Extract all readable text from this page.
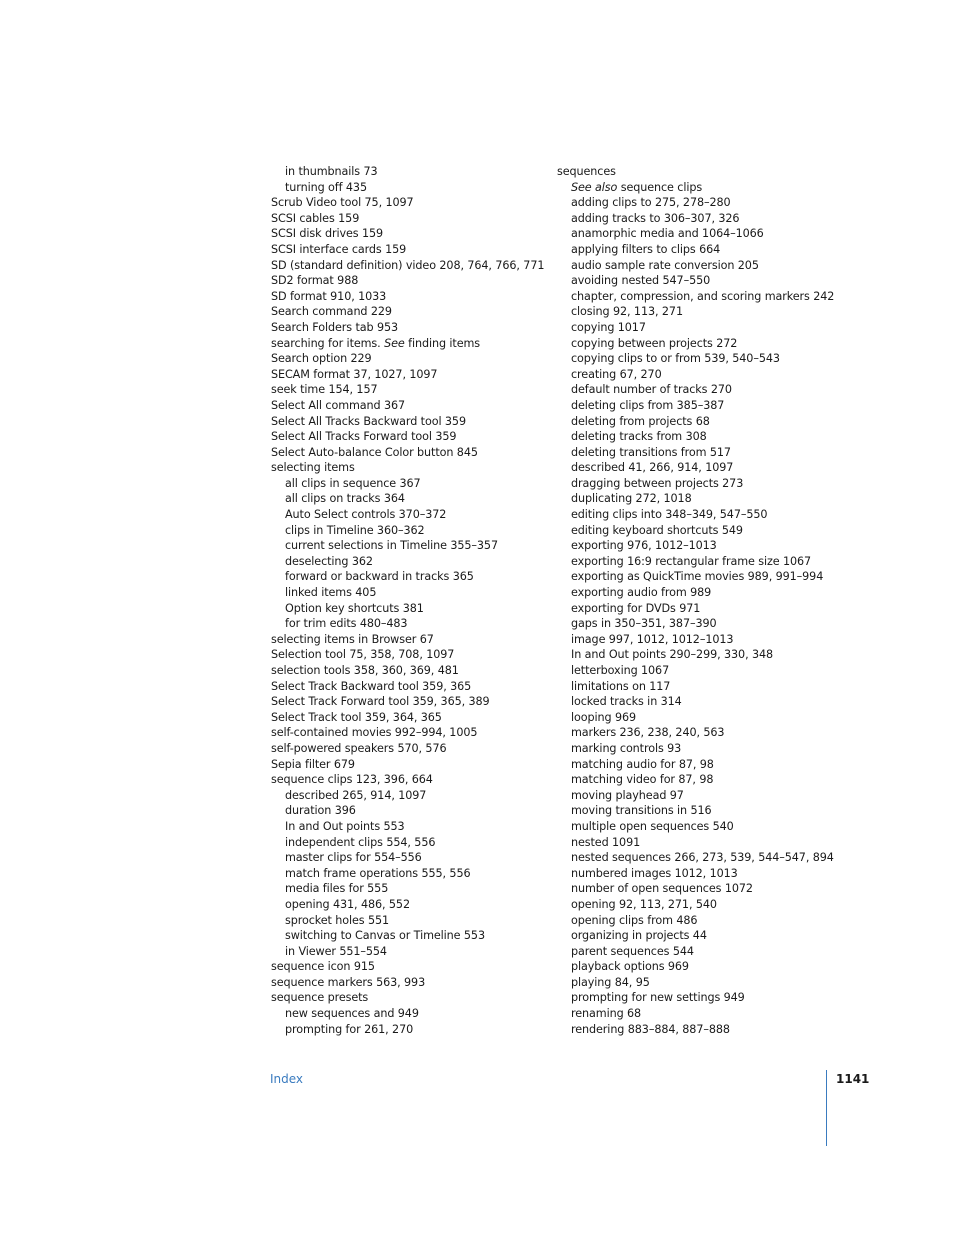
in thumbnails 73
turning off 435
Scrub Video tool 75, 1097
SCSI cables 159
SCSI disk drives 159
SCSI interface cards 159
SD (standard definition) video 208, 764, 766, 771
SD2 format 988
SD format 910, 1033
Search command 229
Search Folders tab 953
searching for items. See finding items
Search option 229
SECAM format 37, 1027, 1097
seek time 154, 157
Select All command 367
Select All Tracks Backward tool 359
Select All Tracks Forward tool 359
Select Auto-balance Color button 845
selecting items
all clips in sequence 367
all clips on tracks 364
Auto Select controls 370–372
clips in Timeline 360–362
current selections in Timeline 355–357
deselecting 362
forward or backward in tracks 365
linked items 405
Option key shortcuts 381
for trim edits 480–483
selecting items in Browser 67
Selection tool 75, 358, 708, 1097
selection tools 358, 360, 369, 481
Select Track Backward tool 359, 365
Select Track Forward tool 359, 365, 389
Select Track tool 359, 364, 365
self-contained movies 992–994, 1005
self-powered speakers 570, 576
Sepia filter 679
sequence clips 123, 396, 664
described 265, 914, 1097
duration 396
In and Out points 553
independent clips 554, 556
master clips for 554–556
match frame operations 555, 556
media files for 555
opening 431, 486, 552
sprocket holes 551
switching to Canvas or Timeline 553
in Viewer 551–554
sequence icon 915
sequence markers 563, 993
sequence presets
new sequences and 949
prompting for 261, 270
sequences
See also sequence clips
adding clips to 275, 278–280
adding tracks to 306–307, 326
anamorphic media and 1064–1066
applying filters to clips 664
audio sample rate conversion 205
avoiding nested 547–550
chapter, compression, and scoring markers 242
closing 92, 113, 271
copying 1017
copying between projects 272
copying clips to or from 539, 540–543
creating 67, 270
default number of tracks 270
deleting clips from 385–387
deleting from projects 68
deleting tracks from 308
deleting transitions from 517
described 41, 266, 914, 1097
dragging between projects 273
duplicating 272, 1018
editing clips into 348–349, 547–550
editing keyboard shortcuts 549
exporting 976, 1012–1013
exporting 16:9 rectangular frame size 1067
exporting as QuickTime movies 989, 991–994
exporting audio from 989
exporting for DVDs 971
gaps in 350–351, 387–390
image 997, 1012, 1012–1013
In and Out points 290–299, 330, 348
letterboxing 1067
limitations on 117
locked tracks in 314
looping 969
markers 236, 238, 240, 563
marking controls 93
matching audio for 87, 98
matching video for 87, 98
moving playhead 97
moving transitions in 516
multiple open sequences 540
nested 1091
nested sequences 266, 273, 539, 544–547, 894
numbered images 1012, 1013
number of open sequences 1072
opening 92, 113, 271, 540
opening clips from 486
organizing in projects 44
parent sequences 544
playback options 969
playing 84, 95
prompting for new settings 949
renaming 68
rendering 883–884, 887–888
Index	1141
